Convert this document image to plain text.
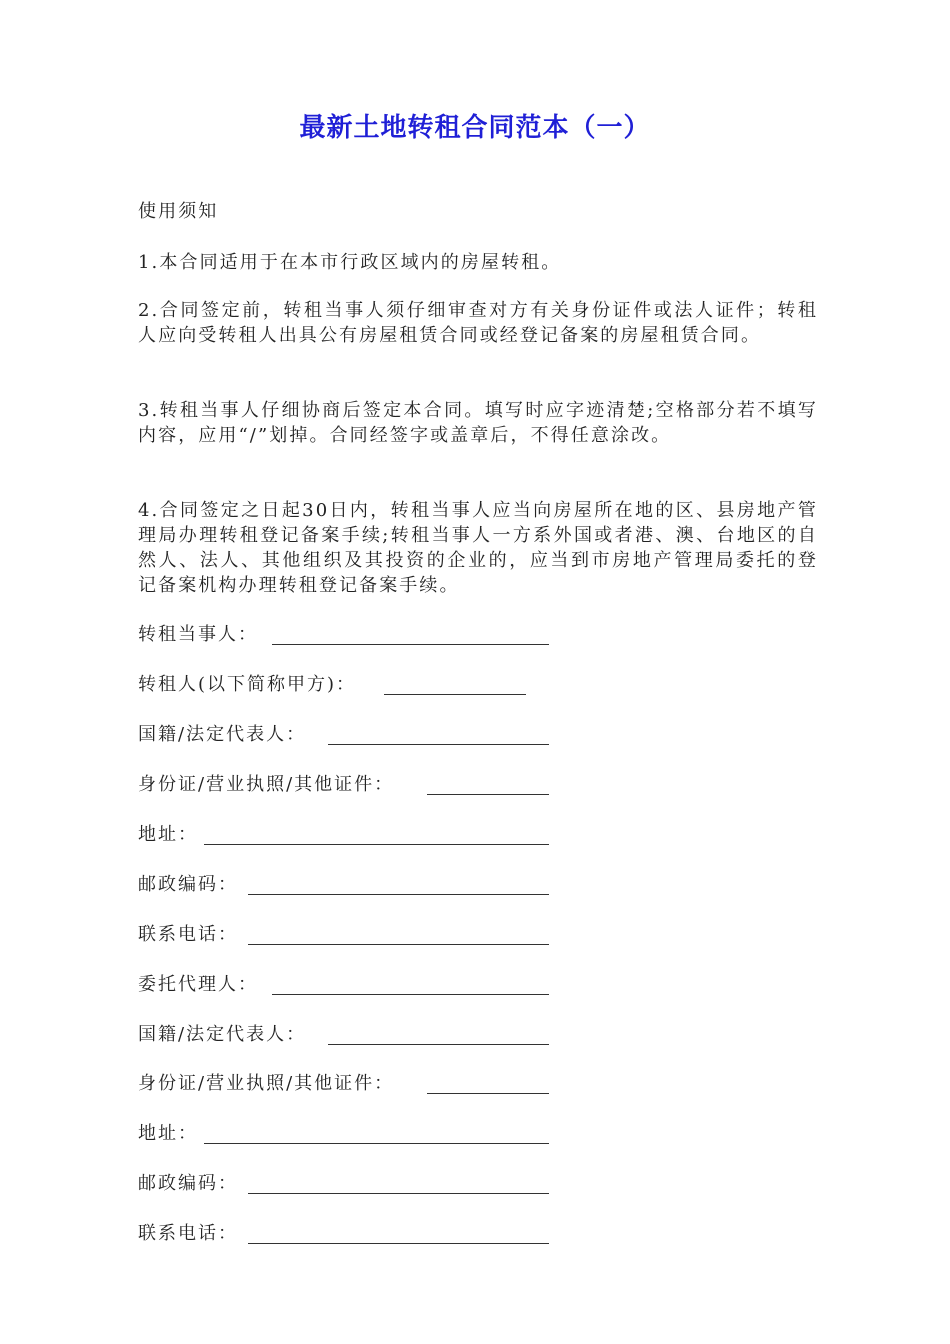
最新土地转租合同范本（一）
使用须知
1.本合同适用于在本市行政区域内的房屋转租。
2.合同签定前，转租当事人须仔细审查对方有关身份证件或法人证件；转租人应向受转租人出具公有房屋租赁合同或经登记备案的房屋租赁合同。
3.转租当事人仔细协商后签定本合同。填写时应字迹清楚;空格部分若不填写内容，应用“/”划掉。合同经签字或盖章后，不得任意涂改。
4.合同签定之日起30日内，转租当事人应当向房屋所在地的区、县房地产管理局办理转租登记备案手续;转租当事人一方系外国或者港、澳、台地区的自然人、法人、其他组织及其投资的企业的，应当到市房地产管理局委托的登记备案机构办理转租登记备案手续。
转租当事人：
转租人(以下简称甲方)：
国籍/法定代表人：
身份证/营业执照/其他证件：
地址：
邮政编码：
联系电话：
委托代理人：
国籍/法定代表人：
身份证/营业执照/其他证件：
地址：
邮政编码：
联系电话：
